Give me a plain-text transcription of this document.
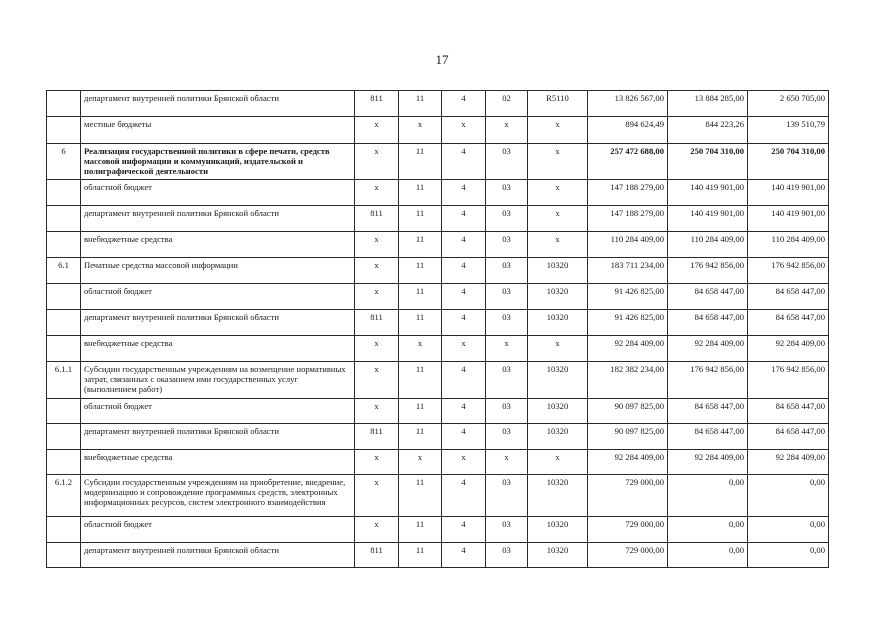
17
	департамент внутренней политики Брянской области	811	11	4	02	R5110	13 826 567,00	13 884 285,00	2 650 705,00
	местные бюджеты	х	х	х	х	х	894 624,49	844 223,26	139 510,79
6	Реализация государственной политики в сфере печати, средств массовой информации и коммуникаций, издательской и полиграфической деятельности	х	11	4	03	х	257 472 688,00	250 704 310,00	250 704 310,00
	областной бюджет	х	11	4	03	х	147 188 279,00	140 419 901,00	140 419 901,00
	департамент внутренней политики Брянской области	811	11	4	03	х	147 188 279,00	140 419 901,00	140 419 901,00
	внебюджетные средства	х	11	4	03	х	110 284 409,00	110 284 409,00	110 284 409,00
6.1	Печатные средства массовой информации	х	11	4	03	10320	183 711 234,00	176 942 856,00	176 942 856,00
	областной бюджет	х	11	4	03	10320	91 426 825,00	84 658 447,00	84 658 447,00
	департамент внутренней политики Брянской области	811	11	4	03	10320	91 426 825,00	84 658 447,00	84 658 447,00
	внебюджетные средства	х	х	х	х	х	92 284 409,00	92 284 409,00	92 284 409,00
6.1.1	Субсидии государственным учреждениям на возмещение нормативных затрат, связанных с оказанием ими государственных услуг (выполнением работ)	х	11	4	03	10320	182 382 234,00	176 942 856,00	176 942 856,00
	областной бюджет	х	11	4	03	10320	90 097 825,00	84 658 447,00	84 658 447,00
	департамент внутренней политики Брянской области	811	11	4	03	10320	90 097 825,00	84 658 447,00	84 658 447,00
	внебюджетные средства	х	х	х	х	х	92 284 409,00	92 284 409,00	92 284 409,00
6.1.2	Субсидии государственным учреждениям на приобретение, внедрение, модернизацию и сопровождение программных средств, электронных информационных ресурсов, систем электронного взаимодействия	х	11	4	03	10320	729 000,00	0,00	0,00
	областной бюджет	х	11	4	03	10320	729 000,00	0,00	0,00
	департамент внутренней политики Брянской области	811	11	4	03	10320	729 000,00	0,00	0,00
